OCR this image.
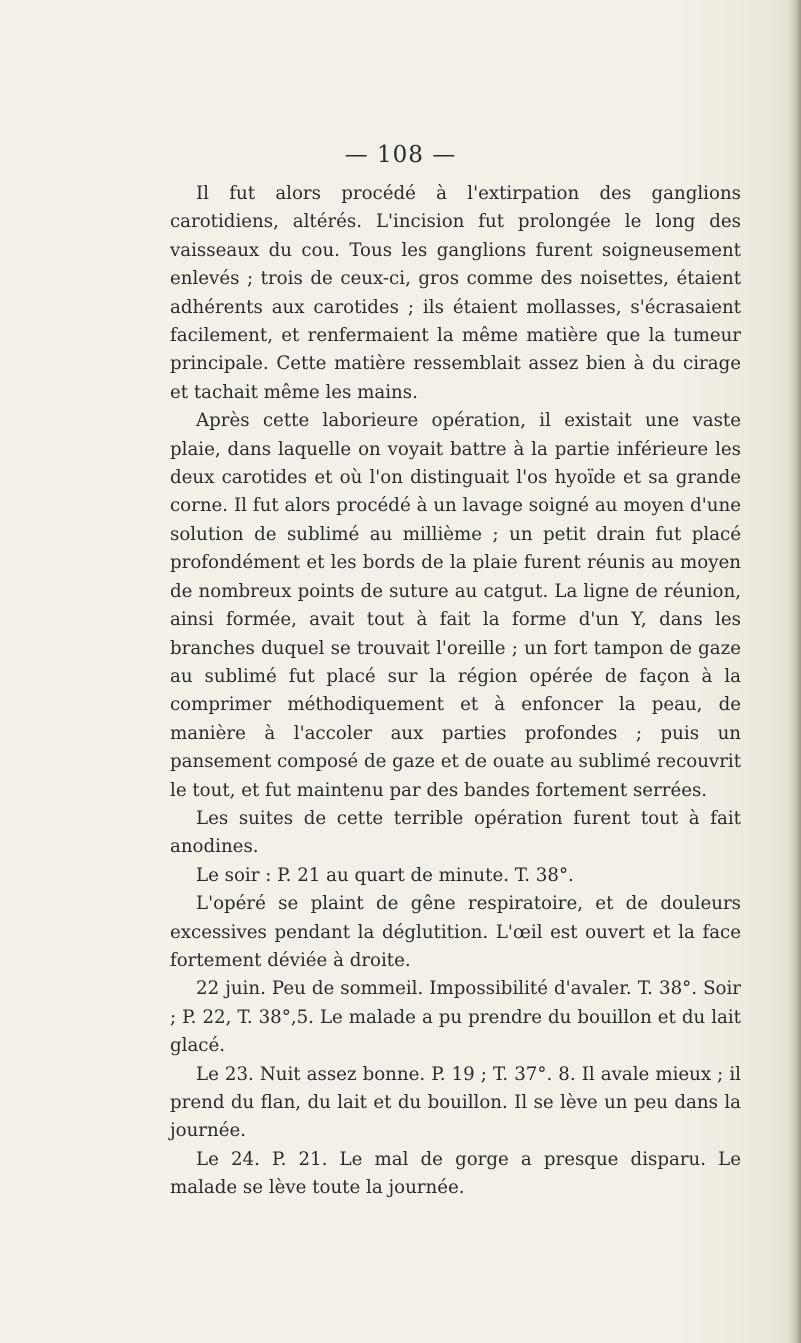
— 108 —

Il fut alors procédé à l'extirpation des ganglions carotidiens, altérés. L'incision fut prolongée le long des vaisseaux du cou. Tous les ganglions furent soigneusement enlevés ; trois de ceux-ci, gros comme des noisettes, étaient adhérents aux carotides ; ils étaient mollasses, s'écrasaient facilement, et renfermaient la même matière que la tumeur principale. Cette matière ressemblait assez bien à du cirage et tachait même les mains.

Après cette laborieure opération, il existait une vaste plaie, dans laquelle on voyait battre à la partie inférieure les deux carotides et où l'on distinguait l'os hyoïde et sa grande corne. Il fut alors procédé à un lavage soigné au moyen d'une solution de sublimé au millième ; un petit drain fut placé profondément et les bords de la plaie furent réunis au moyen de nombreux points de suture au catgut. La ligne de réunion, ainsi formée, avait tout à fait la forme d'un Y, dans les branches duquel se trouvait l'oreille ; un fort tampon de gaze au sublimé fut placé sur la région opérée de façon à la comprimer méthodiquement et à enfoncer la peau, de manière à l'accoler aux parties profondes ; puis un pansement composé de gaze et de ouate au sublimé recouvrit le tout, et fut maintenu par des bandes fortement serrées.

Les suites de cette terrible opération furent tout à fait anodines.

Le soir : P. 21 au quart de minute. T. 38°.

L'opéré se plaint de gêne respiratoire, et de douleurs excessives pendant la déglutition. L'œil est ouvert et la face fortement déviée à droite.

22 juin. Peu de sommeil. Impossibilité d'avaler. T. 38°. Soir ; P. 22, T. 38°,5. Le malade a pu prendre du bouillon et du lait glacé.

Le 23. Nuit assez bonne. P. 19 ; T. 37°. 8. Il avale mieux ; il prend du flan, du lait et du bouillon. Il se lève un peu dans la journée.

Le 24. P. 21. Le mal de gorge a presque disparu. Le malade se lève toute la journée.
